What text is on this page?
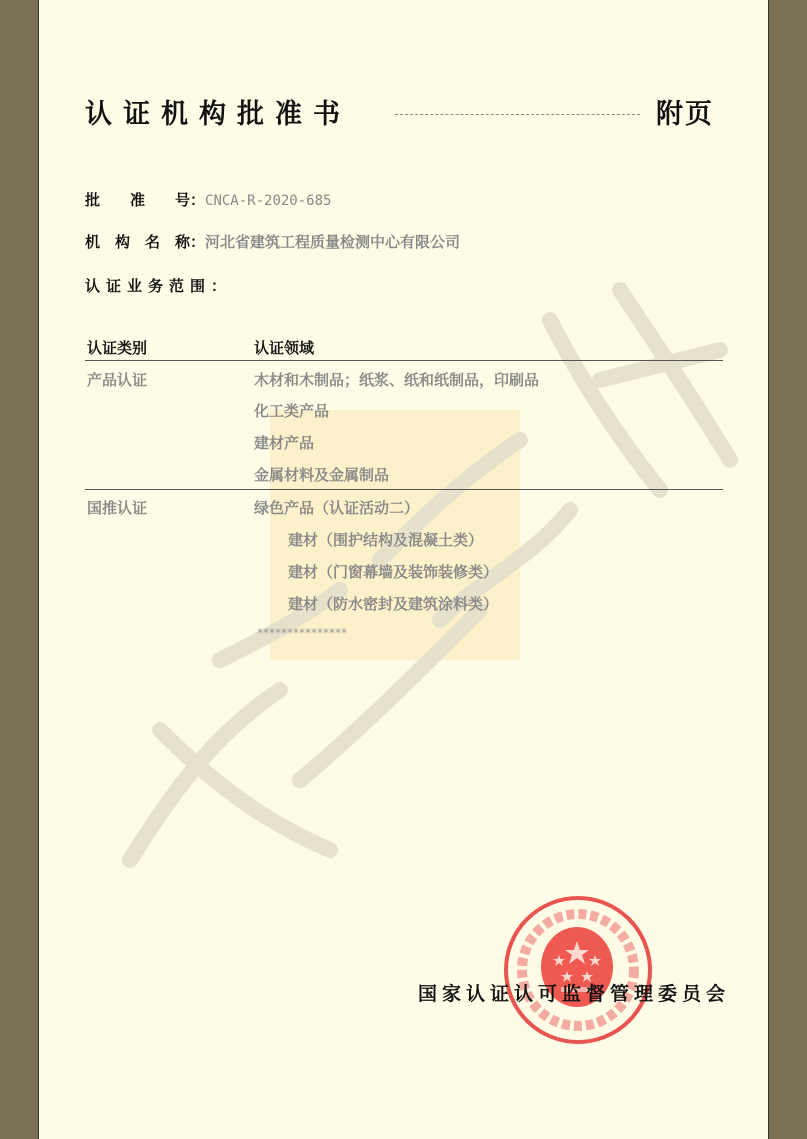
认证机构批准书	附页
批　　准　　号：CNCA-R-2020-685
机　构　名　称：河北省建筑工程质量检测中心有限公司
认证业务范围：
认证类别	认证领域
产品认证	木材和木制品；纸浆、纸和纸制品，印刷品
化工类产品
建材产品
金属材料及金属制品
国推认证	绿色产品（认证活动二）
建材（围护结构及混凝土类）
建材（门窗幕墙及装饰装修类）
建材（防水密封及建筑涂料类）
***************
国家认证认可监督管理委员会
